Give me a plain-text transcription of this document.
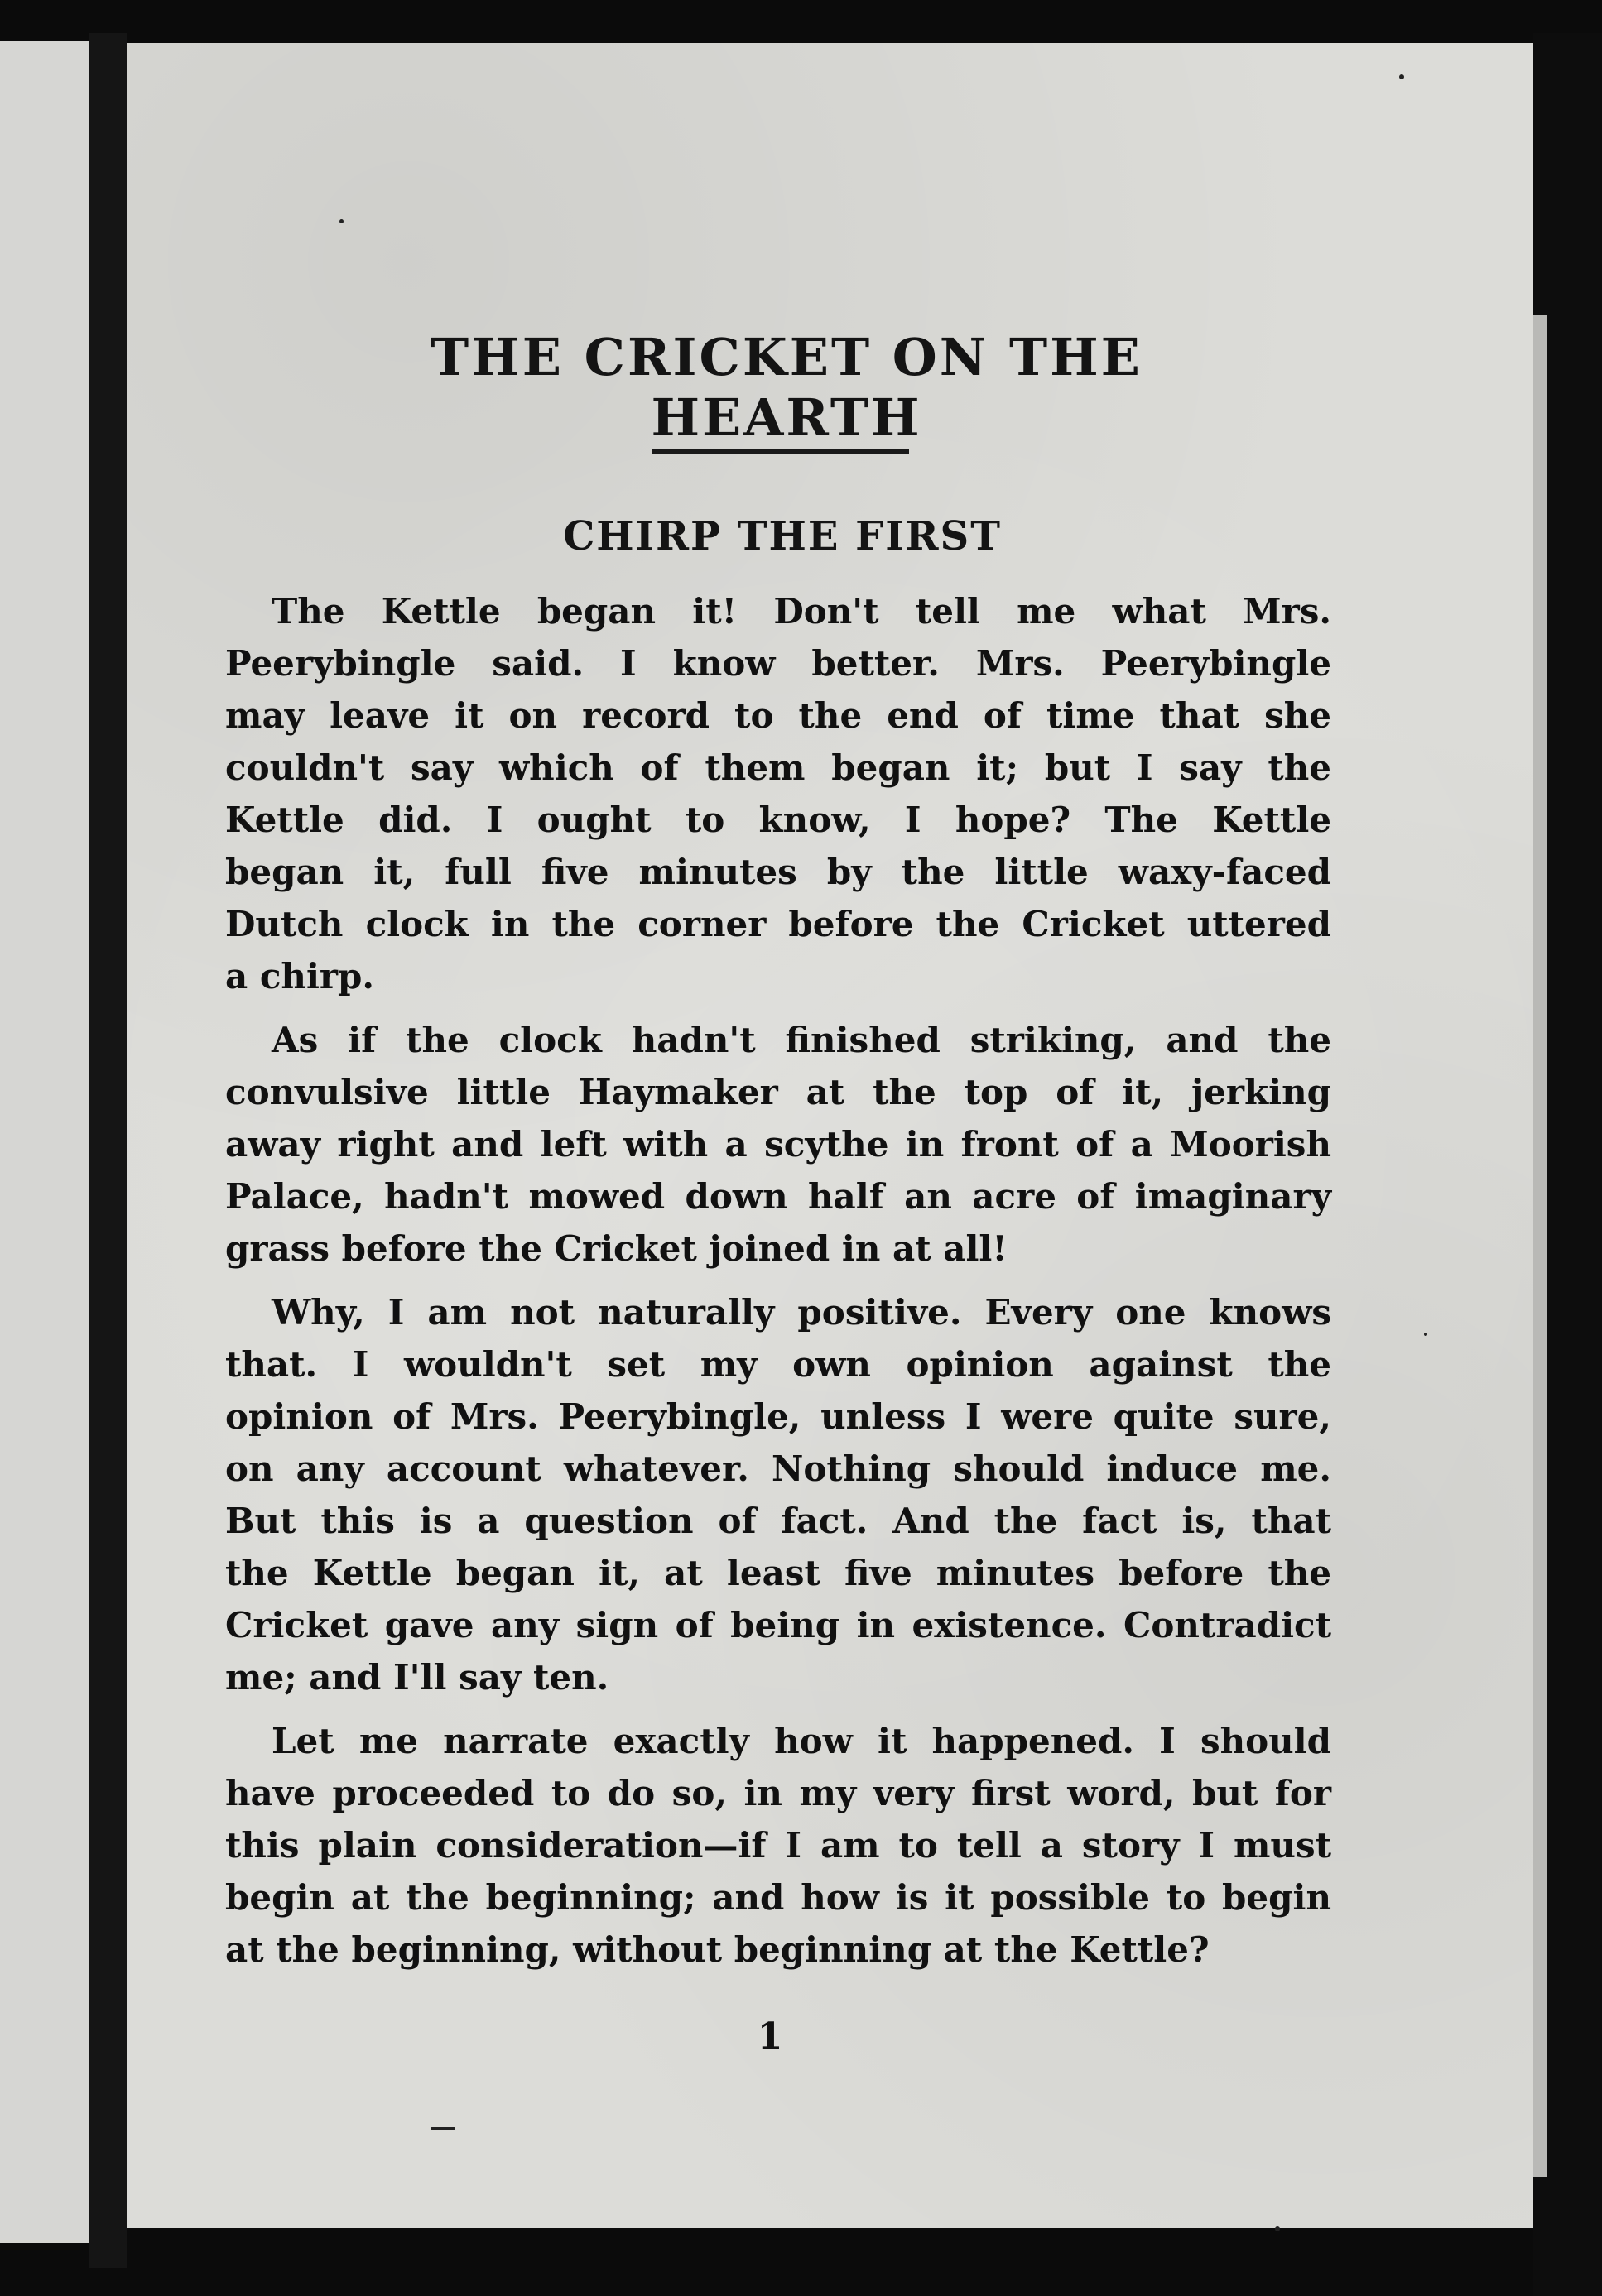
THE CRICKET ON THE HEARTH
CHIRP THE FIRST
The Kettle began it! Don't tell me what Mrs.
Peerybingle said. I know better. Mrs. Peerybingle
may leave it on record to the end of time that she
couldn't say which of them began it; but I say the
Kettle did. I ought to know, I hope? The Kettle
began it, full five minutes by the little waxy-faced
Dutch clock in the corner before the Cricket uttered
a chirp.
As if the clock hadn't finished striking, and the
convulsive little Haymaker at the top of it, jerking
away right and left with a scythe in front of a Moorish
Palace, hadn't mowed down half an acre of imaginary
grass before the Cricket joined in at all!
Why, I am not naturally positive. Every one knows
that. I wouldn't set my own opinion against the
opinion of Mrs. Peerybingle, unless I were quite sure,
on any account whatever. Nothing should induce me.
But this is a question of fact. And the fact is, that
the Kettle began it, at least five minutes before the
Cricket gave any sign of being in existence. Contradict
me; and I'll say ten.
Let me narrate exactly how it happened. I should
have proceeded to do so, in my very first word, but for
this plain consideration—if I am to tell a story I must
begin at the beginning; and how is it possible to begin
at the beginning, without beginning at the Kettle?
1
